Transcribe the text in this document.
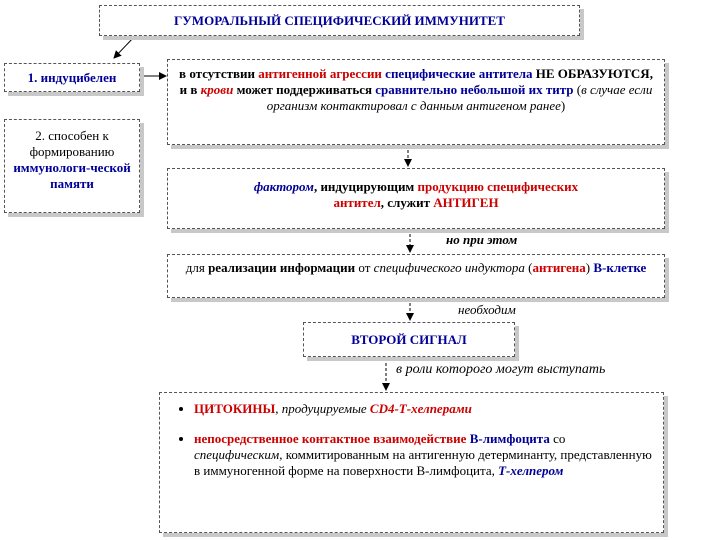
ГУМОРАЛЬНЫЙ СПЕЦИФИЧЕСКИЙ ИММУНИТЕТ
1. индуцибелен
2. способен к формированию иммунологи-ческой памяти
в отсутствии антигенной агрессии специфические антитела НЕ ОБРАЗУЮТСЯ, и в крови может поддерживаться сравнительно небольшой их титр (в случае если организм контактировал с данным антигеном ранее)
фактором, индуцирующим продукцию специфических антител, служит АНТИГЕН
но при этом
для реализации информации от специфического индуктора (антигена) В-клетке
необходим
ВТОРОЙ СИГНАЛ
в роли которого могут выступать
• ЦИТОКИНЫ, продуцируемые CD4-Т-хелперами
• непосредственное контактное взаимодействие В-лимфоцита со специфическим, коммитированным на антигенную детерминанту, представленную в иммуногенной форме на поверхности В-лимфоцита, Т-хелпером
